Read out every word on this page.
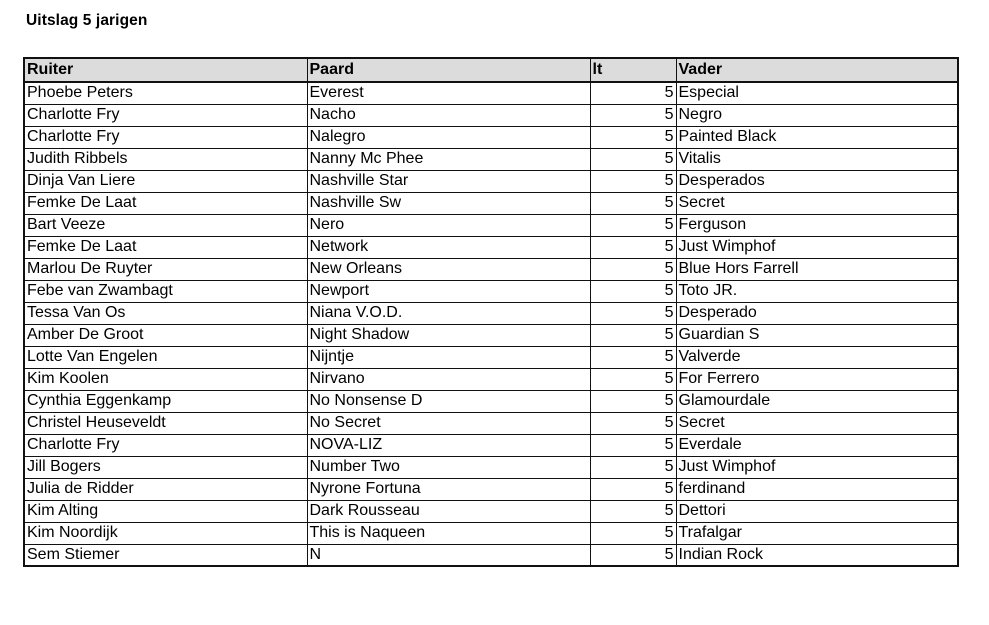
Uitslag 5 jarigen
Ruiter	Paard	lt	Vader
Phoebe Peters	Everest	5	Especial
Charlotte Fry	Nacho	5	Negro
Charlotte Fry	Nalegro	5	Painted Black
Judith Ribbels	Nanny Mc Phee	5	Vitalis
Dinja Van Liere	Nashville Star	5	Desperados
Femke De Laat	Nashville Sw	5	Secret
Bart Veeze	Nero	5	Ferguson
Femke De Laat	Network	5	Just Wimphof
Marlou De Ruyter	New Orleans	5	Blue Hors Farrell
Febe van Zwambagt	Newport	5	Toto JR.
Tessa Van Os	Niana V.O.D.	5	Desperado
Amber De Groot	Night Shadow	5	Guardian S
Lotte Van Engelen	Nijntje	5	Valverde
Kim Koolen	Nirvano	5	For Ferrero
Cynthia Eggenkamp	No Nonsense D	5	Glamourdale
Christel Heuseveldt	No Secret	5	Secret
Charlotte Fry	NOVA-LIZ	5	Everdale
Jill Bogers	Number Two	5	Just Wimphof
Julia de Ridder	Nyrone Fortuna	5	ferdinand
Kim Alting	Dark Rousseau	5	Dettori
Kim Noordijk	This is Naqueen	5	Trafalgar
Sem Stiemer	N	5	Indian Rock
